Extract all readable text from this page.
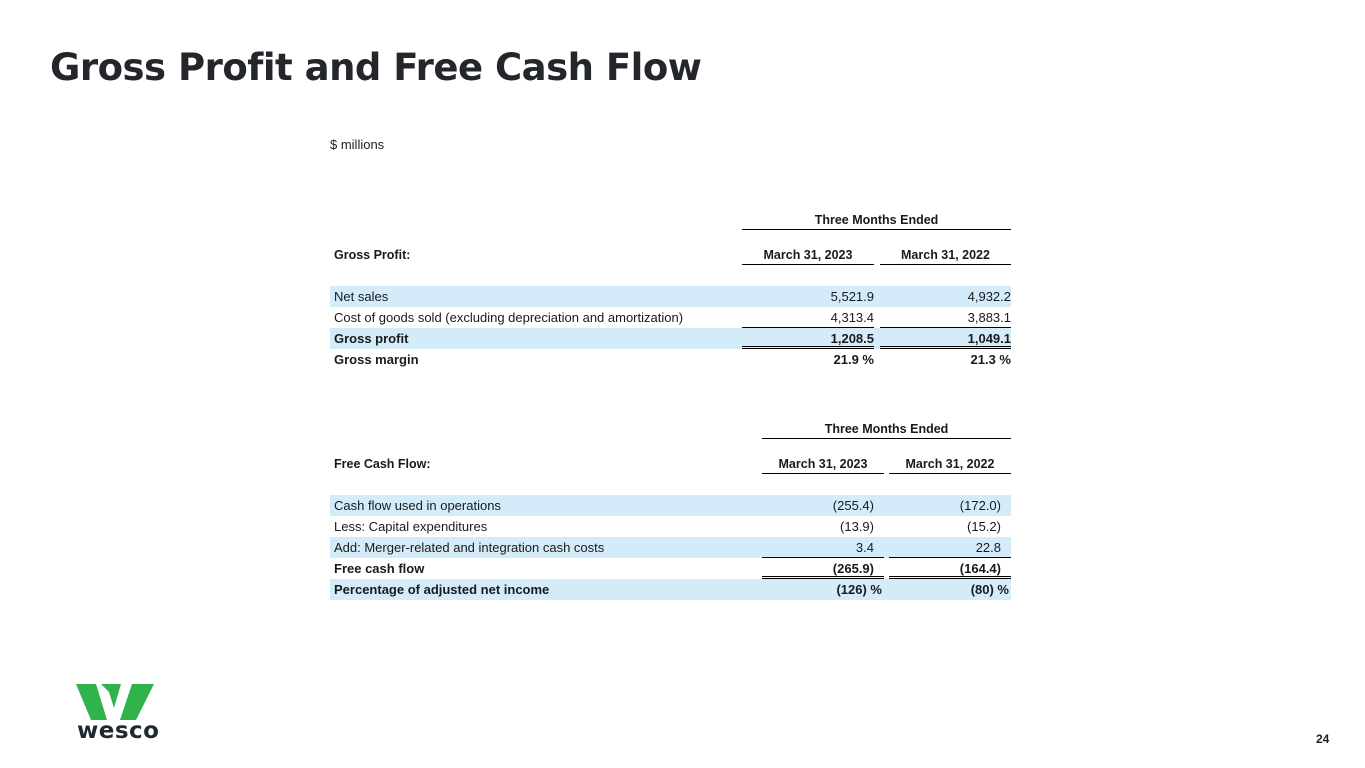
Gross Profit and Free Cash Flow
$ millions
Three Months Ended
Gross Profit:	March 31, 2023	March 31, 2022
Net sales	5,521.9	4,932.2
Cost of goods sold (excluding depreciation and amortization)	4,313.4	3,883.1
Gross profit	1,208.5	1,049.1
Gross margin	21.9 %	21.3 %
Three Months Ended
Free Cash Flow:	March 31, 2023	March 31, 2022
Cash flow used in operations	(255.4)	(172.0)
Less: Capital expenditures	(13.9)	(15.2)
Add: Merger-related and integration cash costs	3.4	22.8
Free cash flow	(265.9)	(164.4)
Percentage of adjusted net income	(126) %	(80) %
wesco	24
